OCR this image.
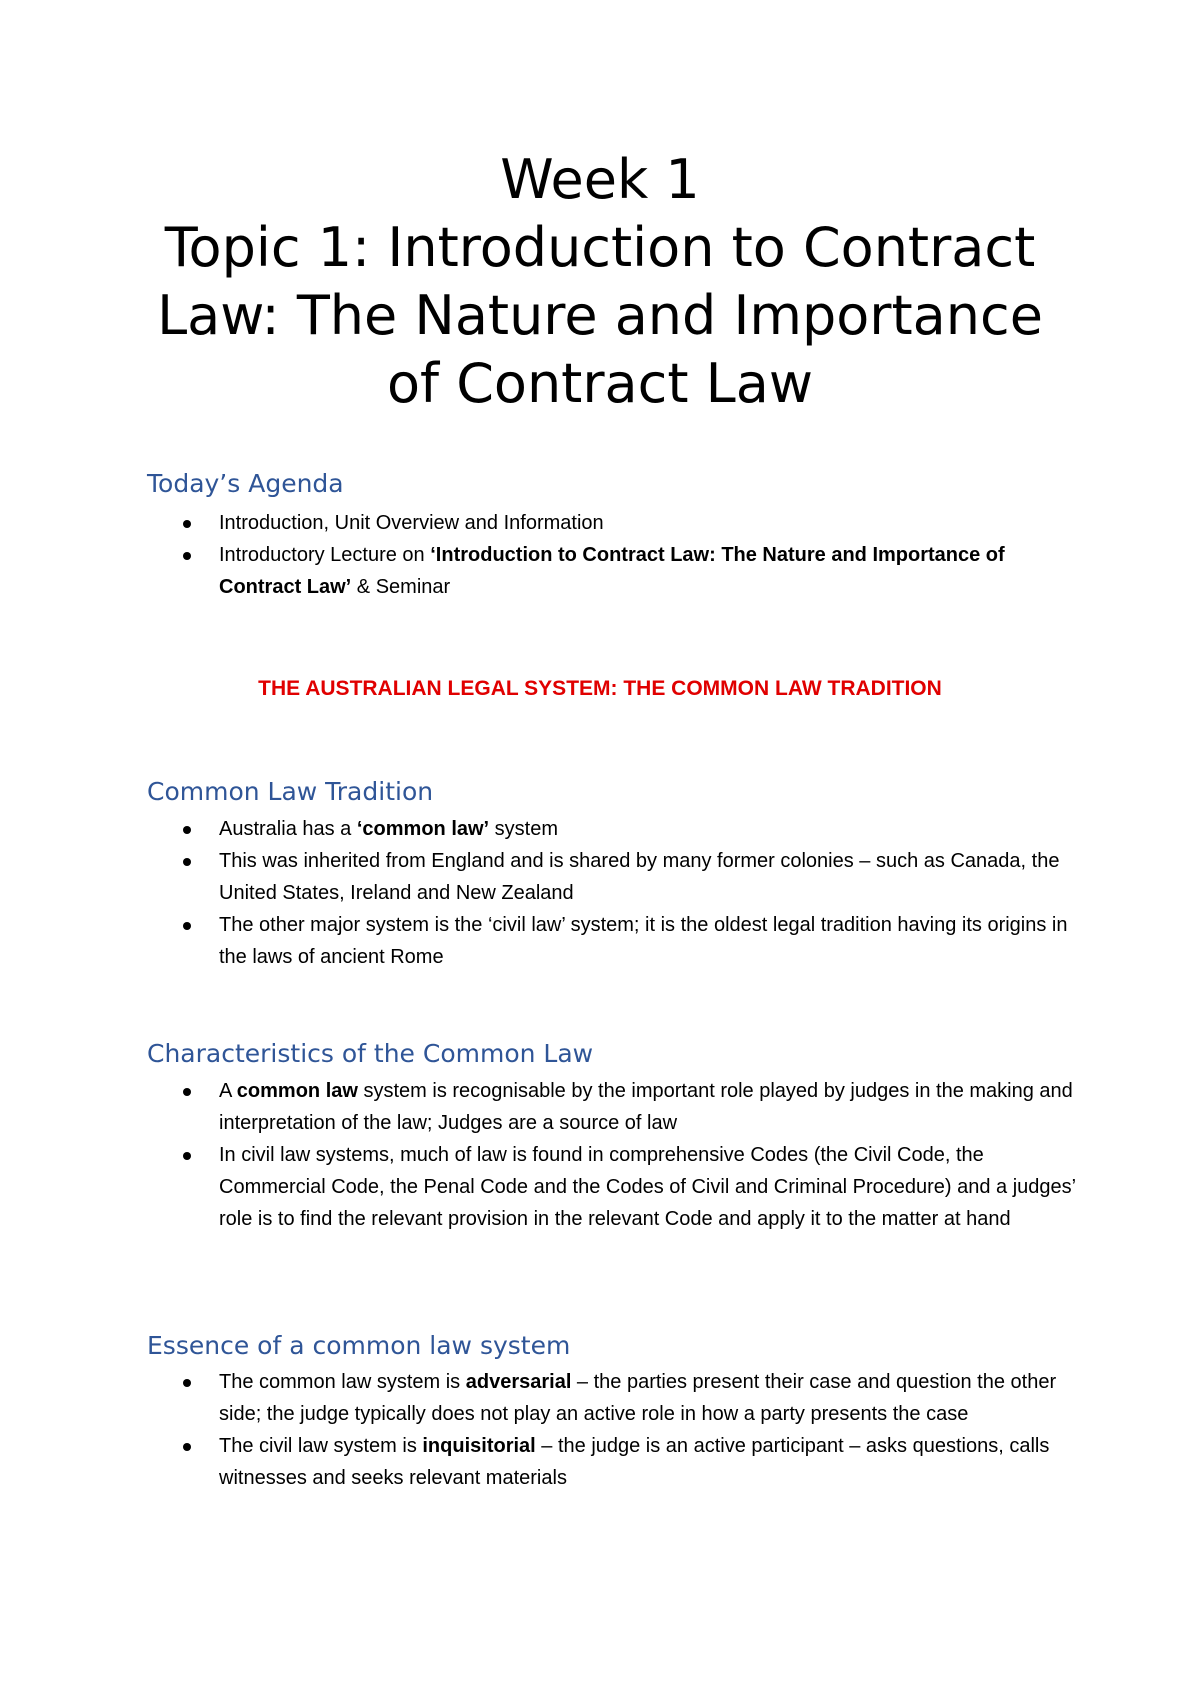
Week 1
Topic 1: Introduction to Contract
Law: The Nature and Importance
of Contract Law
Today’s Agenda
Introduction, Unit Overview and Information
Introductory Lecture on ‘Introduction to Contract Law: The Nature and Importance of Contract Law’ & Seminar
THE AUSTRALIAN LEGAL SYSTEM: THE COMMON LAW TRADITION
Common Law Tradition
Australia has a ‘common law’ system
This was inherited from England and is shared by many former colonies – such as Canada, the United States, Ireland and New Zealand
The other major system is the ‘civil law’ system; it is the oldest legal tradition having its origins in the laws of ancient Rome
Characteristics of the Common Law
A common law system is recognisable by the important role played by judges in the making and interpretation of the law; Judges are a source of law
In civil law systems, much of law is found in comprehensive Codes (the Civil Code, the Commercial Code, the Penal Code and the Codes of Civil and Criminal Procedure) and a judges’ role is to find the relevant provision in the relevant Code and apply it to the matter at hand
Essence of a common law system
The common law system is adversarial – the parties present their case and question the other side; the judge typically does not play an active role in how a party presents the case
The civil law system is inquisitorial – the judge is an active participant – asks questions, calls witnesses and seeks relevant materials
